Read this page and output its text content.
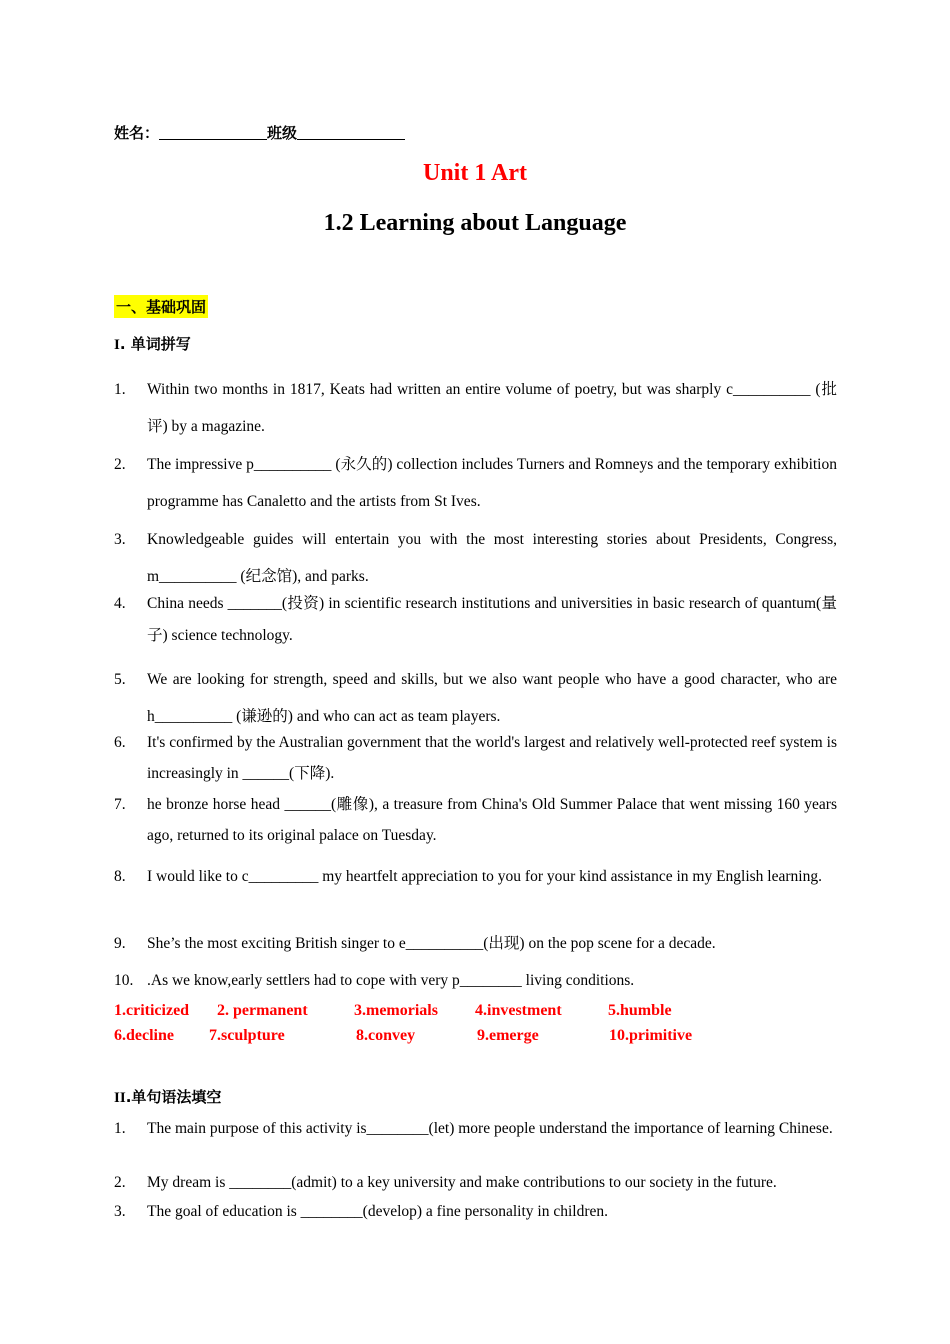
姓名：	班级
Unit 1 Art
1.2 Learning about Language
一、基础巩固
I. 单词拼写
1. Within two months in 1817, Keats had written an entire volume of poetry, but was sharply c__________ (批评) by a magazine.
2. The impressive p__________ (永久的) collection includes Turners and Romneys and the temporary exhibition programme has Canaletto and the artists from St Ives.
3. Knowledgeable guides will entertain you with the most interesting stories about Presidents, Congress, m__________ (纪念馆), and parks.
4. China needs _______(投资) in scientific research institutions and universities in basic research of quantum(量子) science technology.
5. We are looking for strength, speed and skills, but we also want people who have a good character, who are h__________ (谦逊的) and who can act as team players.
6. It's confirmed by the Australian government that the world's largest and relatively well-protected reef system is increasingly in ______(下降).
7. he bronze horse head ______(雕像), a treasure from China's Old Summer Palace that went missing 160 years ago, returned to its original palace on Tuesday.
8. I would like to c_________ my heartfelt appreciation to you for your kind assistance in my English learning.
9. She’s the most exciting British singer to e__________(出现) on the pop scene for a decade.
10. .As we know,early settlers had to cope with very p________ living conditions.
1.criticized 2. permanent	3.memorials 4.investment	5.humble
6.decline 7.sculpture	8.convey	9.emerge	10.primitive
II.单句语法填空
1. The main purpose of this activity is________(let) more people understand the importance of learning Chinese.
2. My dream is ________(admit) to a key university and make contributions to our society in the future.
3. The goal of education is ________(develop) a fine personality in children.
